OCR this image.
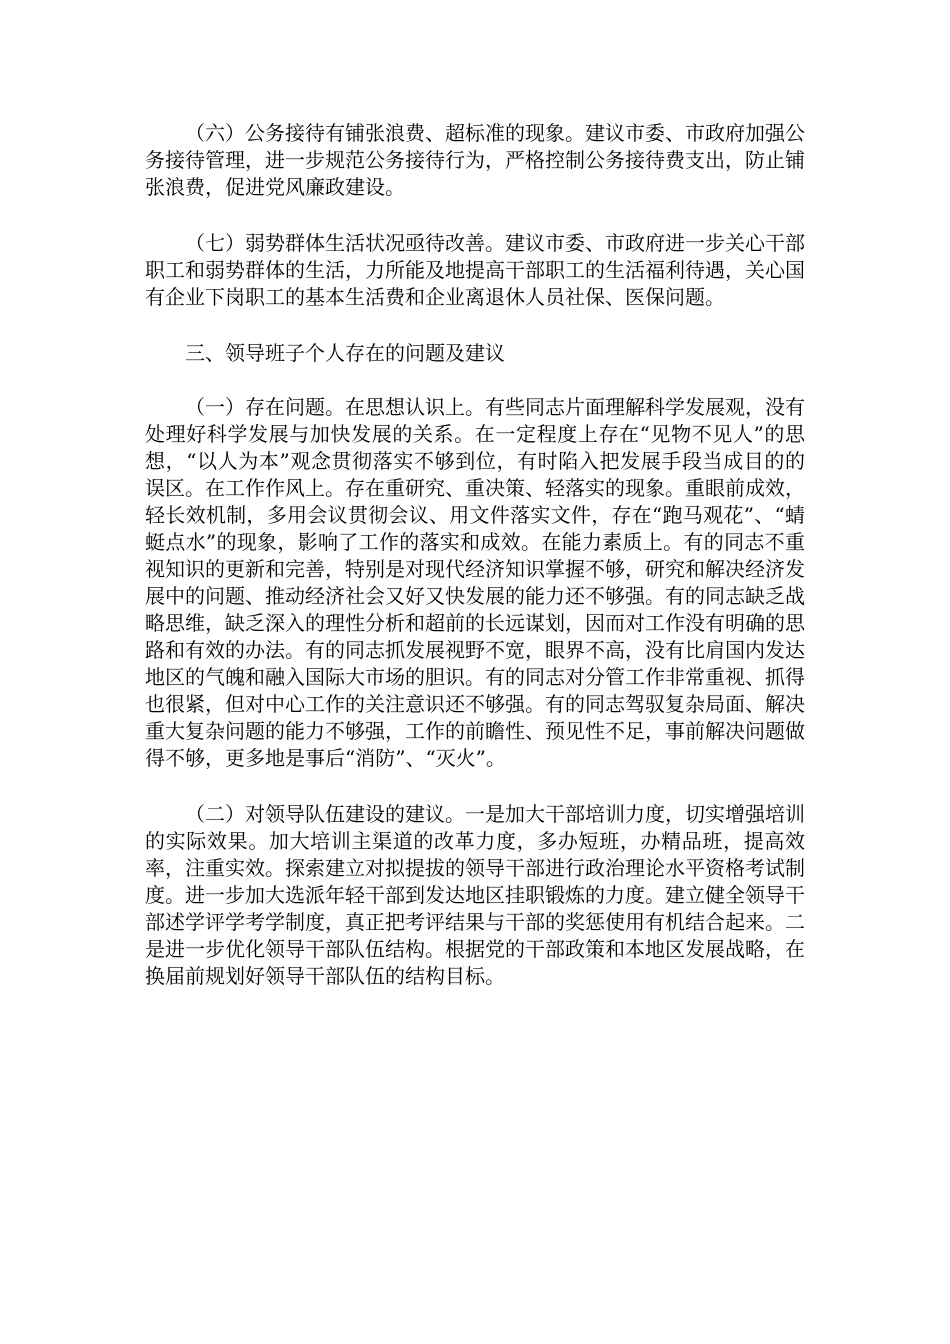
（六）公务接待有铺张浪费、超标准的现象。建议市委、市政府加强公务接待管理，进一步规范公务接待行为，严格控制公务接待费支出，防止铺张浪费，促进党风廉政建设。

（七）弱势群体生活状况亟待改善。建议市委、市政府进一步关心干部职工和弱势群体的生活，力所能及地提高干部职工的生活福利待遇，关心国有企业下岗职工的基本生活费和企业离退休人员社保、医保问题。

三、领导班子个人存在的问题及建议

（一）存在问题。在思想认识上。有些同志片面理解科学发展观，没有处理好科学发展与加快发展的关系。在一定程度上存在“见物不见人”的思想，“以人为本”观念贯彻落实不够到位，有时陷入把发展手段当成目的的误区。在工作作风上。存在重研究、重决策、轻落实的现象。重眼前成效，轻长效机制，多用会议贯彻会议、用文件落实文件，存在“跑马观花”、“蜻蜓点水”的现象，影响了工作的落实和成效。在能力素质上。有的同志不重视知识的更新和完善，特别是对现代经济知识掌握不够，研究和解决经济发展中的问题、推动经济社会又好又快发展的能力还不够强。有的同志缺乏战略思维，缺乏深入的理性分析和超前的长远谋划，因而对工作没有明确的思路和有效的办法。有的同志抓发展视野不宽，眼界不高，没有比肩国内发达地区的气魄和融入国际大市场的胆识。有的同志对分管工作非常重视、抓得也很紧，但对中心工作的关注意识还不够强。有的同志驾驭复杂局面、解决重大复杂问题的能力不够强，工作的前瞻性、预见性不足，事前解决问题做得不够，更多地是事后“消防”、“灭火”。

（二）对领导队伍建设的建议。一是加大干部培训力度，切实增强培训的实际效果。加大培训主渠道的改革力度，多办短班，办精品班，提高效率，注重实效。探索建立对拟提拔的领导干部进行政治理论水平资格考试制度。进一步加大选派年轻干部到发达地区挂职锻炼的力度。建立健全领导干部述学评学考学制度，真正把考评结果与干部的奖惩使用有机结合起来。二是进一步优化领导干部队伍结构。根据党的干部政策和本地区发展战略，在换届前规划好领导干部队伍的结构目标。
